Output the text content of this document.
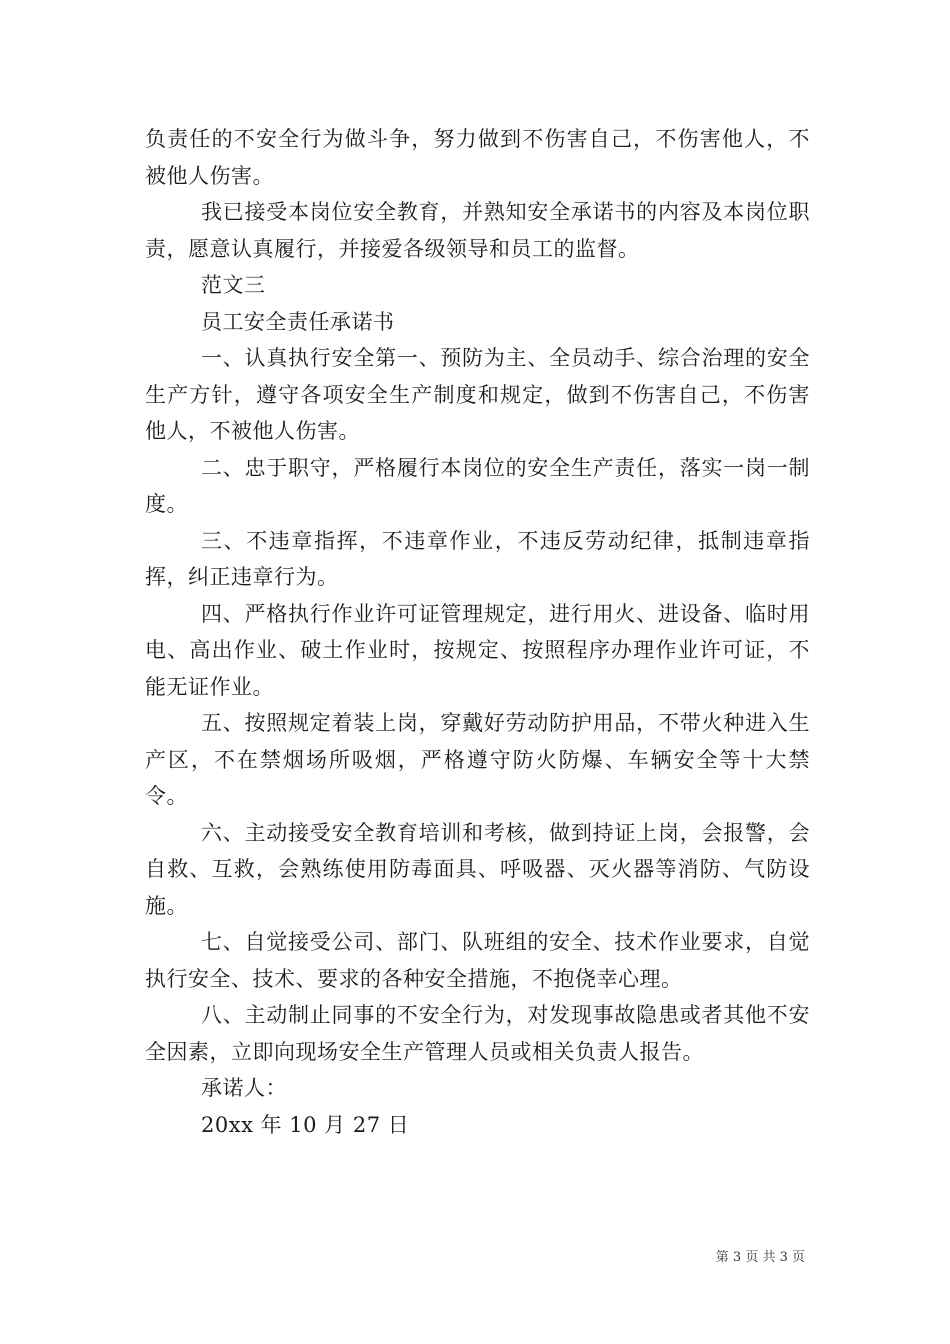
负责任的不安全行为做斗争，努力做到不伤害自己，不伤害他人，不被他人伤害。

我已接受本岗位安全教育，并熟知安全承诺书的内容及本岗位职责，愿意认真履行，并接爱各级领导和员工的监督。

范文三

员工安全责任承诺书

一、认真执行安全第一、预防为主、全员动手、综合治理的安全生产方针，遵守各项安全生产制度和规定，做到不伤害自己，不伤害他人，不被他人伤害。

二、忠于职守，严格履行本岗位的安全生产责任，落实一岗一制度。

三、不违章指挥，不违章作业，不违反劳动纪律，抵制违章指挥，纠正违章行为。

四、严格执行作业许可证管理规定，进行用火、进设备、临时用电、高出作业、破土作业时，按规定、按照程序办理作业许可证，不能无证作业。

五、按照规定着装上岗，穿戴好劳动防护用品，不带火种进入生产区，不在禁烟场所吸烟，严格遵守防火防爆、车辆安全等十大禁令。

六、主动接受安全教育培训和考核，做到持证上岗，会报警，会自救、互救，会熟练使用防毒面具、呼吸器、灭火器等消防、气防设施。

七、自觉接受公司、部门、队班组的安全、技术作业要求，自觉执行安全、技术、要求的各种安全措施，不抱侥幸心理。

八、主动制止同事的不安全行为，对发现事故隐患或者其他不安全因素，立即向现场安全生产管理人员或相关负责人报告。

承诺人：

20xx 年 10 月 27 日

第 3 页 共 3 页
